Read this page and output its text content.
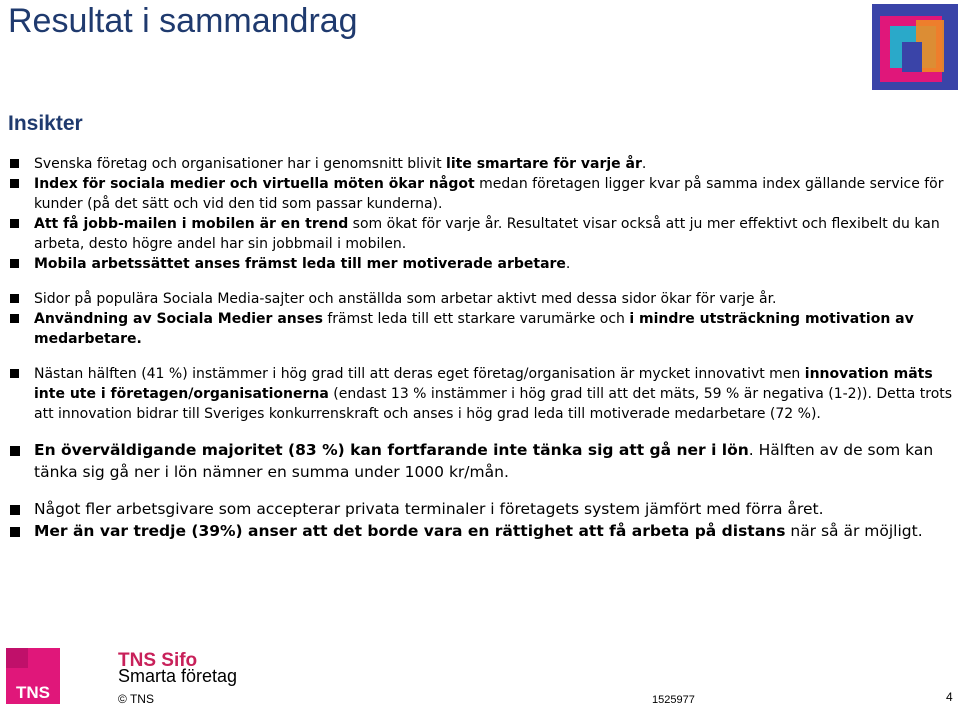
Resultat i sammandrag
Insikter
Svenska företag och organisationer har i genomsnitt blivit lite smartare för varje år.
Index för sociala medier och virtuella möten ökar något medan företagen ligger kvar på samma index gällande service för kunder (på det sätt och vid den tid som passar kunderna).
Att få jobb-mailen i mobilen är en trend som ökat för varje år. Resultatet visar också att ju mer effektivt och flexibelt du kan arbeta, desto högre andel har sin jobbmail i mobilen.
Mobila arbetssättet anses främst leda till mer motiverade arbetare.
Sidor på populära Sociala Media-sajter och anställda som arbetar aktivt med dessa sidor ökar för varje år.
Användning av Sociala Medier anses främst leda till ett starkare varumärke och i mindre utsträckning motivation av medarbetare.
Nästan hälften (41 %) instämmer i hög grad till att deras eget företag/organisation är mycket innovativt men innovation mäts inte ute i företagen/organisationerna (endast 13 % instämmer i hög grad till att det mäts, 59 % är negativa (1-2)). Detta trots att innovation bidrar till Sveriges konkurrenskraft och anses i hög grad leda till motiverade medarbetare (72 %).
En överväldigande majoritet (83 %) kan fortfarande inte tänka sig att gå ner i lön. Hälften av de som kan tänka sig gå ner i lön nämner en summa under 1000 kr/mån.
Något fler arbetsgivare som accepterar privata terminaler i företagets system jämfört med förra året.
Mer än var tredje (39%) anser att det borde vara en rättighet att få arbeta på distans när så är möjligt.
TNS
TNS Sifo
Smarta företag
© TNS	1525977	4
